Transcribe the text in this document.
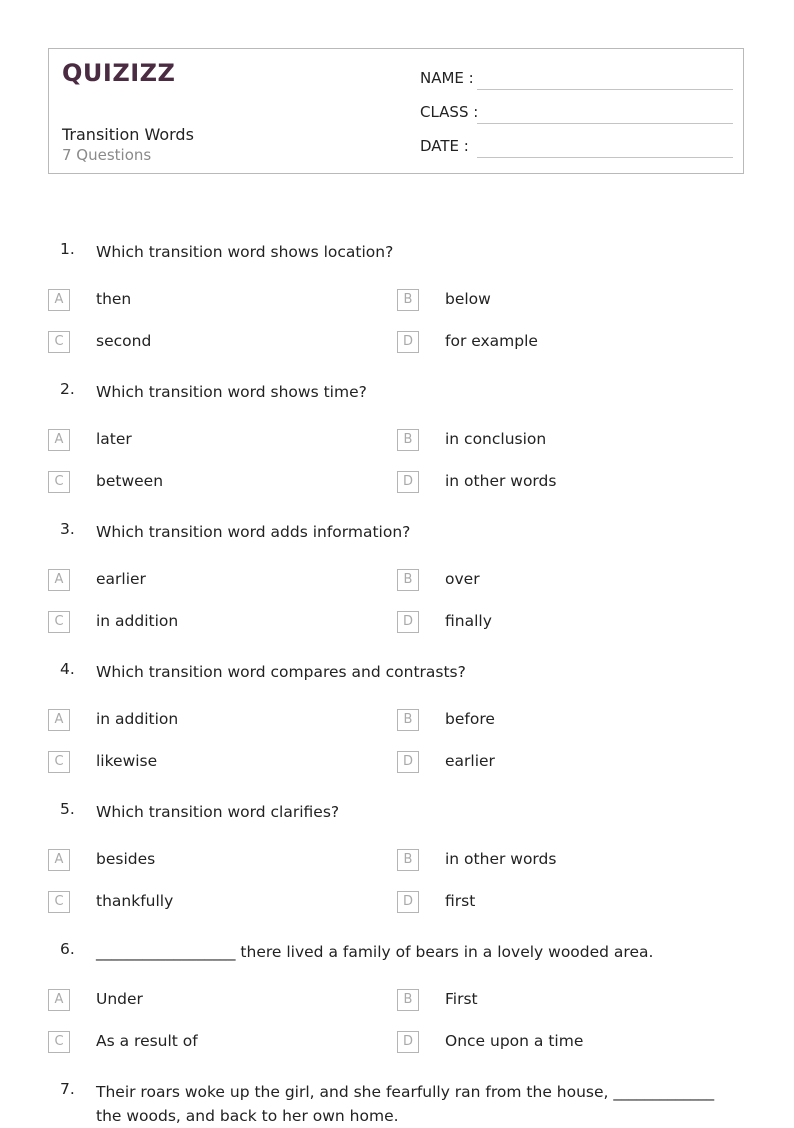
QUIZIZZ
Transition Words
7 Questions
NAME :
CLASS :
DATE :
1. Which transition word shows location?
A	then	B	below
C	second	D	for example
2. Which transition word shows time?
A	later	B	in conclusion
C	between	D	in other words
3. Which transition word adds information?
A	earlier	B	over
C	in addition	D	finally
4. Which transition word compares and contrasts?
A	in addition	B	before
C	likewise	D	earlier
5. Which transition word clarifies?
A	besides	B	in other words
C	thankfully	D	first
6. __________________ there lived a family of bears in a lovely wooded area.
A	Under	B	First
C	As a result of	D	Once upon a time
7. Their roars woke up the girl, and she fearfully ran from the house, _____________ the woods, and back to her own home.
